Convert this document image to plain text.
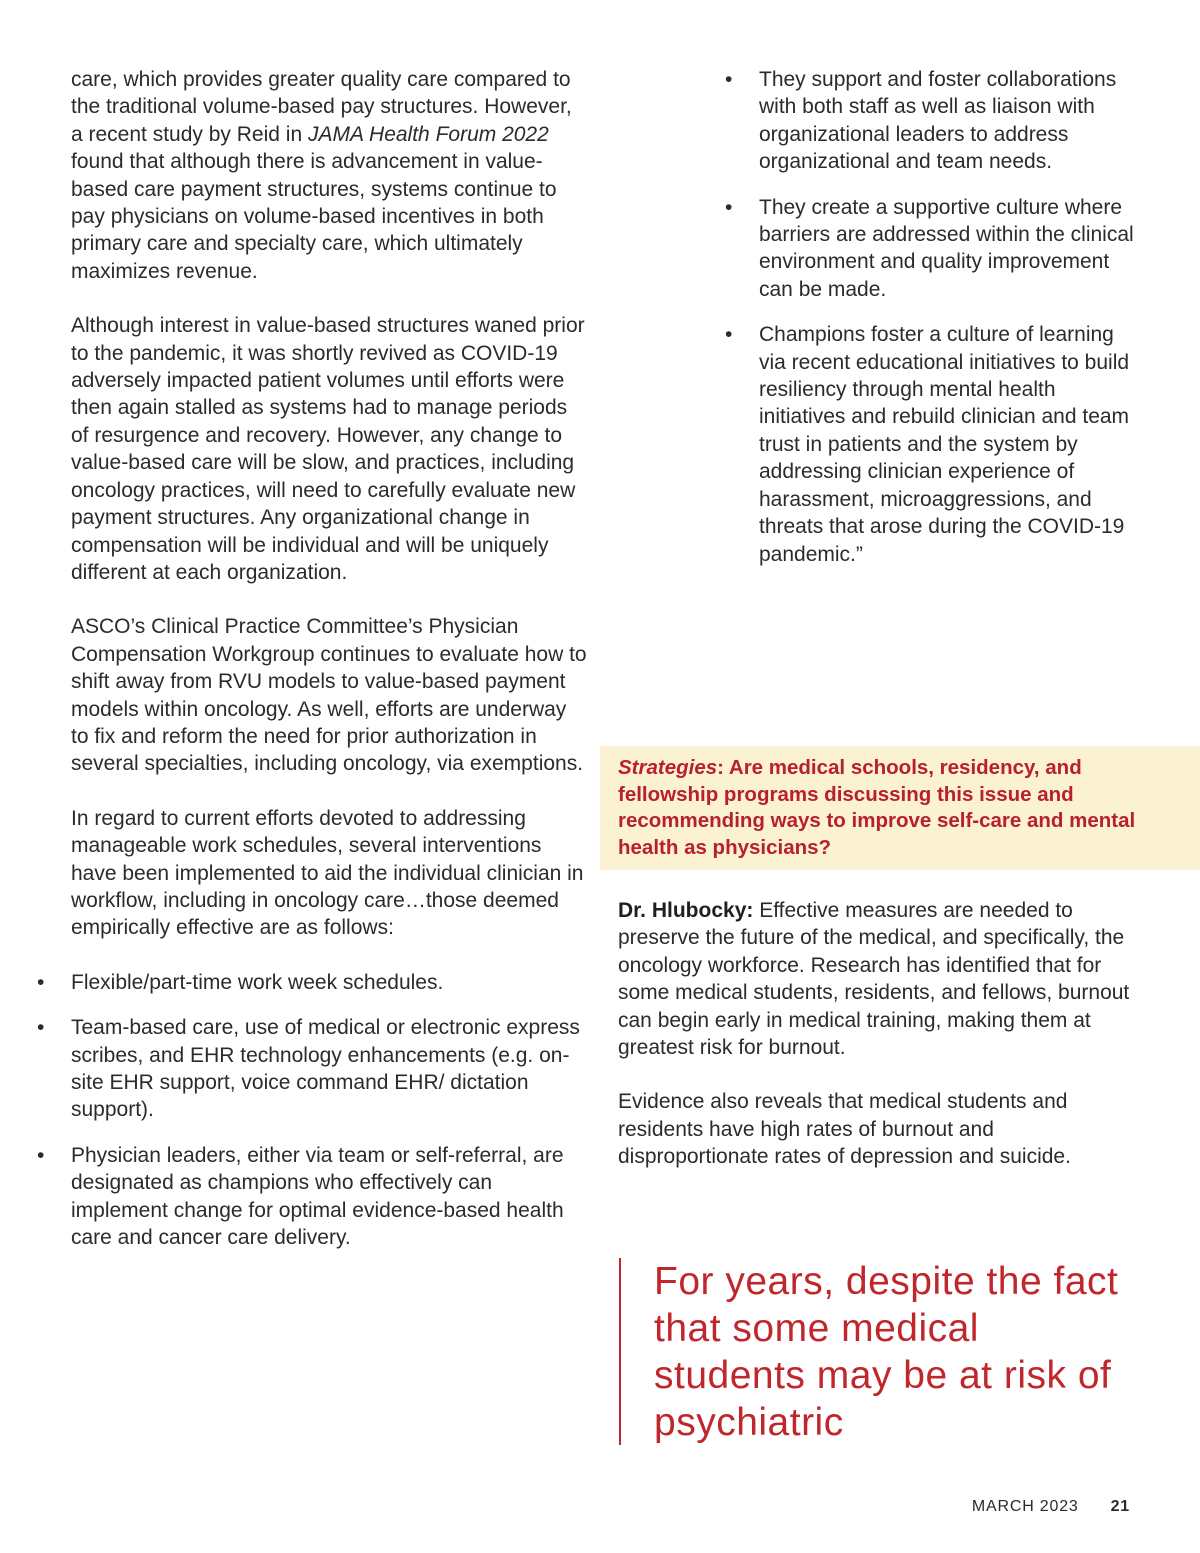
care, which provides greater quality care compared to the traditional volume-based pay structures. However, a recent study by Reid in JAMA Health Forum 2022 found that although there is advancement in value-based care payment structures, systems continue to pay physicians on volume-based incentives in both primary care and specialty care, which ultimately maximizes revenue.

Although interest in value-based structures waned prior to the pandemic, it was shortly revived as COVID-19 adversely impacted patient volumes until efforts were then again stalled as systems had to manage periods of resurgence and recovery. However, any change to value-based care will be slow, and practices, including oncology practices, will need to carefully evaluate new payment structures. Any organizational change in compensation will be individual and will be uniquely different at each organization.

ASCO’s Clinical Practice Committee’s Physician Compensation Workgroup continues to evaluate how to shift away from RVU models to value-based payment models within oncology. As well, efforts are underway to fix and reform the need for prior authorization in several specialties, including oncology, via exemptions.

In regard to current efforts devoted to addressing manageable work schedules, several interventions have been implemented to aid the individual clinician in workflow, including in oncology care…those deemed empirically effective are as follows:

• Flexible/part-time work week schedules.
• Team-based care, use of medical or electronic express scribes, and EHR technology enhancements (e.g. on-site EHR support, voice command EHR/ dictation support).
• Physician leaders, either via team or self-referral, are designated as champions who effectively can implement change for optimal evidence-based health care and cancer care delivery.
• They support and foster collaborations with both staff as well as liaison with organizational leaders to address organizational and team needs.
• They create a supportive culture where barriers are addressed within the clinical environment and quality improvement can be made.
• Champions foster a culture of learning via recent educational initiatives to build resiliency through mental health initiatives and rebuild clinician and team trust in patients and the system by addressing clinician experience of harassment, microaggressions, and threats that arose during the COVID-19 pandemic.”

Strategies: Are medical schools, residency, and fellowship programs discussing this issue and recommending ways to improve self-care and mental health as physicians?

Dr. Hlubocky: Effective measures are needed to preserve the future of the medical, and specifically, the oncology workforce. Research has identified that for some medical students, residents, and fellows, burnout can begin early in medical training, making them at greatest risk for burnout.

Evidence also reveals that medical students and residents have high rates of burnout and disproportionate rates of depression and suicide.

For years, despite the fact that some medical students may be at risk of psychiatric

MARCH 2023 21
